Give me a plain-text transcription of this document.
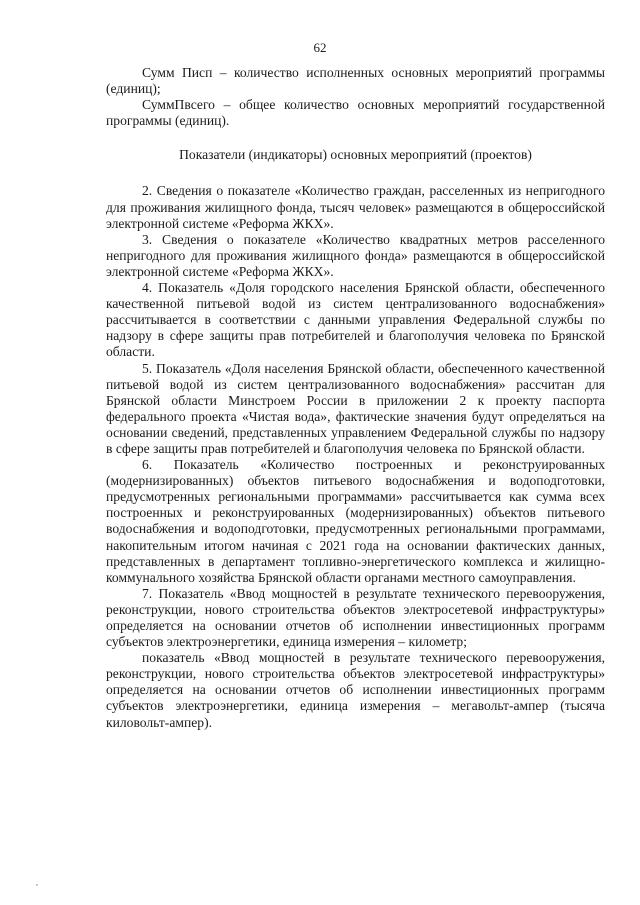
62

Сумм Писп – количество исполненных основных мероприятий программы (единиц);

СуммПвсего – общее количество основных мероприятий государственной программы (единиц).

Показатели (индикаторы) основных мероприятий (проектов)

2. Сведения о показателе «Количество граждан, расселенных из непригодного для проживания жилищного фонда, тысяч человек» размещаются в общероссийской электронной системе «Реформа ЖКХ».

3. Сведения о показателе «Количество квадратных метров расселенного непригодного для проживания жилищного фонда» размещаются в общероссийской электронной системе «Реформа ЖКХ».

4. Показатель «Доля городского населения Брянской области, обеспеченного качественной питьевой водой из систем централизованного водоснабжения» рассчитывается в соответствии с данными управления Федеральной службы по надзору в сфере защиты прав потребителей и благополучия человека по Брянской области.

5. Показатель «Доля населения Брянской области, обеспеченного качественной питьевой водой из систем централизованного водоснабжения» рассчитан для Брянской области Минстроем России в приложении 2 к проекту паспорта федерального проекта «Чистая вода», фактические значения будут определяться на основании сведений, представленных управлением Федеральной службы по надзору в сфере защиты прав потребителей и благополучия человека по Брянской области.

6. Показатель «Количество построенных и реконструированных (модернизированных) объектов питьевого водоснабжения и водоподготовки, предусмотренных региональными программами» рассчитывается как сумма всех построенных и реконструированных (модернизированных) объектов питьевого водоснабжения и водоподготовки, предусмотренных региональными программами, накопительным итогом начиная с 2021 года на основании фактических данных, представленных в департамент топливно-энергетического комплекса и жилищно-коммунального хозяйства Брянской области органами местного самоуправления.

7. Показатель «Ввод мощностей в результате технического перевооружения, реконструкции, нового строительства объектов электросетевой инфраструктуры» определяется на основании отчетов об исполнении инвестиционных программ субъектов электроэнергетики, единица измерения – километр;

показатель «Ввод мощностей в результате технического перевооружения, реконструкции, нового строительства объектов электросетевой инфраструктуры» определяется на основании отчетов об исполнении инвестиционных программ субъектов электроэнергетики, единица измерения – мегавольт-ампер (тысяча киловольт-ампер).
